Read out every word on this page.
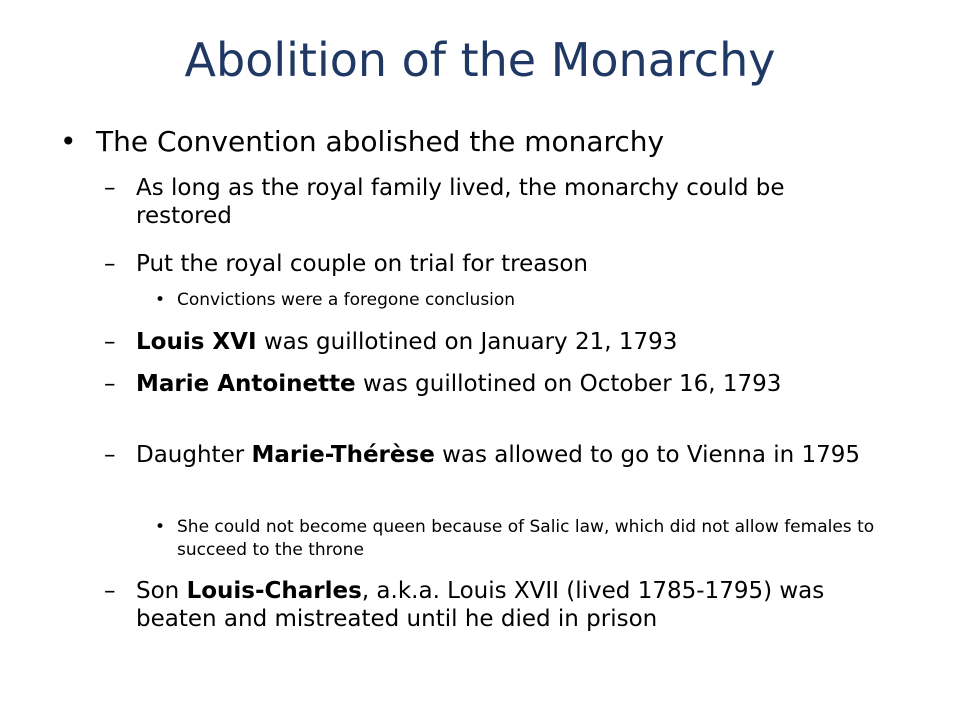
Abolition of the Monarchy
• The Convention abolished the monarchy
– As long as the royal family lived, the monarchy could be restored
– Put the royal couple on trial for treason
• Convictions were a foregone conclusion
– Louis XVI was guillotined on January 21, 1793
– Marie Antoinette was guillotined on October 16, 1793
– Daughter Marie-Thérèse was allowed to go to Vienna in 1795
• She could not become queen because of Salic law, which did not allow females to succeed to the throne
– Son Louis-Charles, a.k.a. Louis XVII (lived 1785-1795) was beaten and mistreated until he died in prison
